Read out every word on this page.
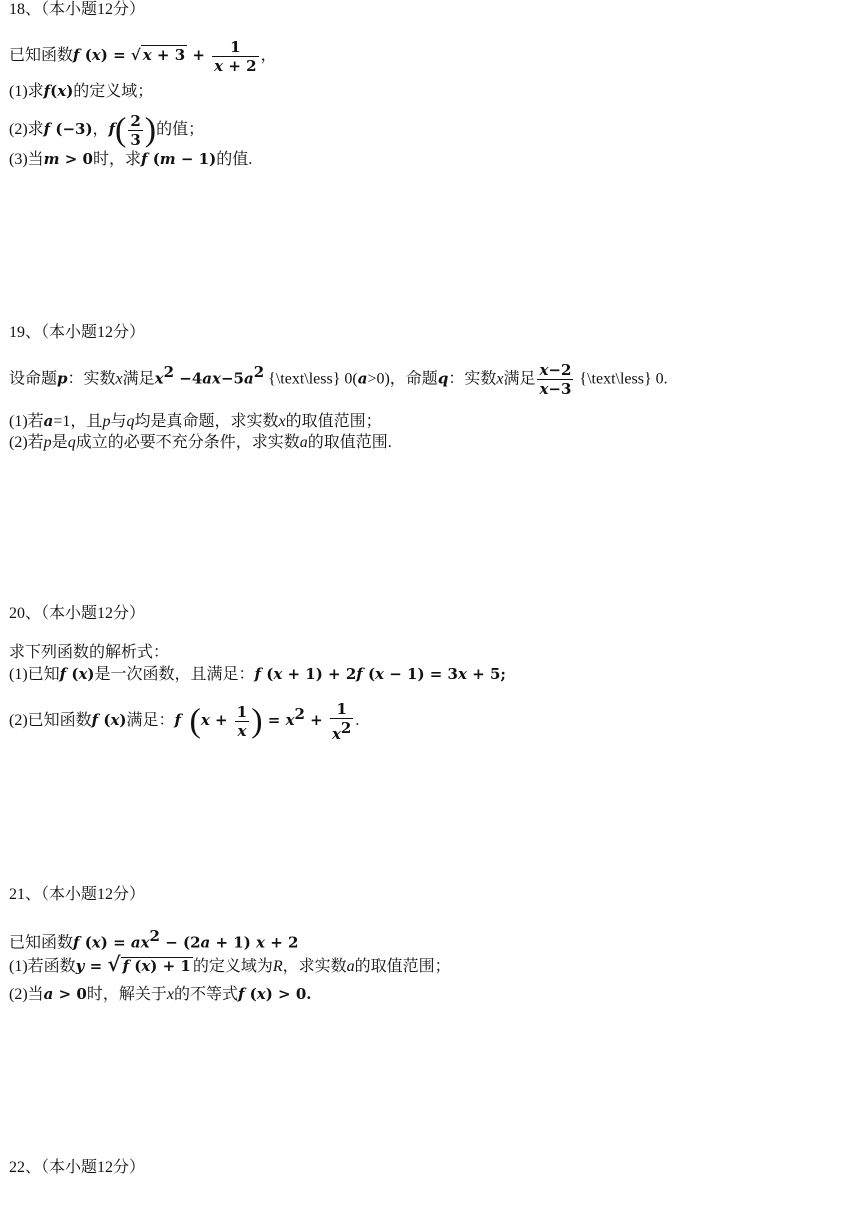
18、（本小题12分）
已知函数f (x) = √ $x + 3 + \frac{1}{x + 2}$ ，
(1)求f(x)的定义域；
(2)求f (−3)，$f( \frac{2}{3}$ )的值；
(3)当m > 0时，求f (m − 1)的值.
19、（本小题12分）
设命题p：实数x满足$x^2 -4ax-5a^2$ {\text\less} 0(a>0)，命题q：实数x满足 $\frac{x-2}{x-3}$ {\text\less} 0.
(1)若a=1，且p与q均是真命题，求实数x的取值范围；
(2)若p是q成立的必要不充分条件，求实数a的取值范围.
20、（本小题12分）
求下列函数的解析式：
(1)已知f (x)是一次函数，且满足：f (x + 1) + 2f (x − 1) = 3x + 5;
(2)已知函数f (x)满足：f ($x + \frac{1}{x}$ ) = $x^2 + \frac{1}{x^2}$ .
21、（本小题12分）
已知函数f $(x) = ax^2 - (2a + 1) x + 2$
(1)若函数y = √ f (x) + 1 的定义域为R，求实数a的取值范围；
(2)当a > 0时，解关于x的不等式f (x) > 0.
22、（本小题12分）
